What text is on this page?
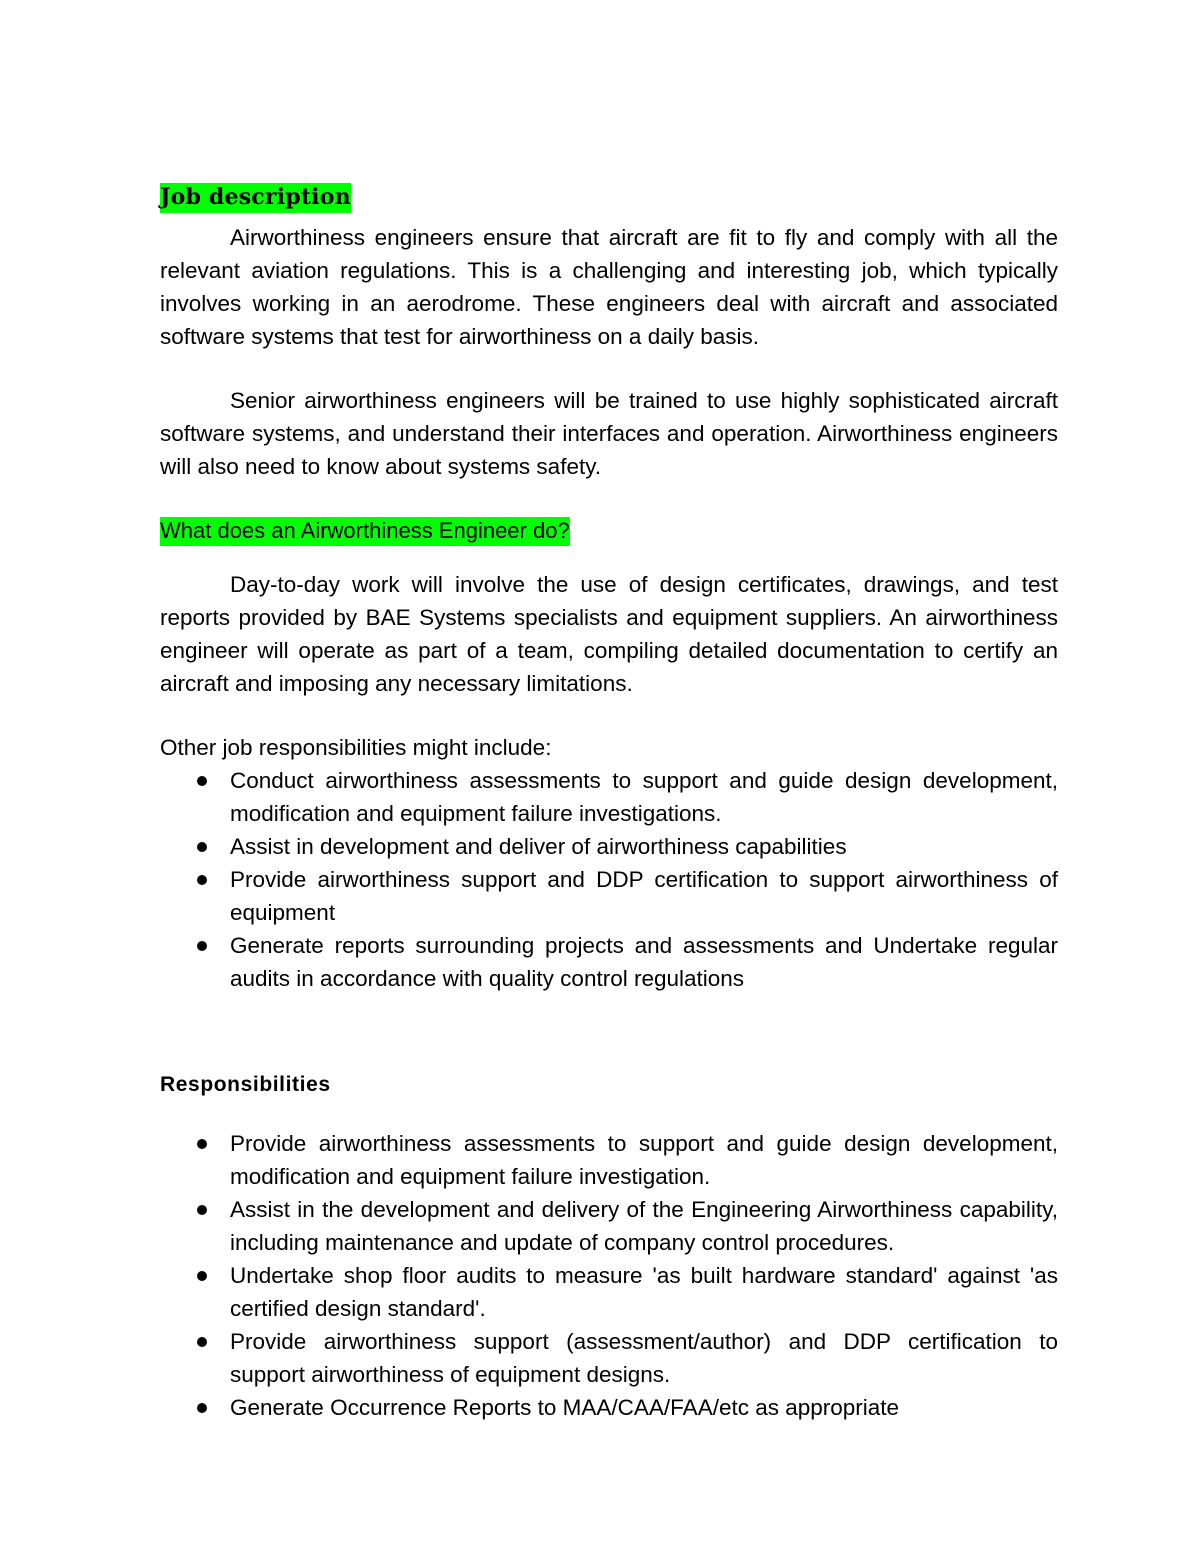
Job description

Airworthiness engineers ensure that aircraft are fit to fly and comply with all the relevant aviation regulations. This is a challenging and interesting job, which typically involves working in an aerodrome. These engineers deal with aircraft and associated software systems that test for airworthiness on a daily basis.

Senior airworthiness engineers will be trained to use highly sophisticated aircraft software systems, and understand their interfaces and operation. Airworthiness engineers will also need to know about systems safety.

What does an Airworthiness Engineer do?

Day-to-day work will involve the use of design certificates, drawings, and test reports provided by BAE Systems specialists and equipment suppliers. An airworthiness engineer will operate as part of a team, compiling detailed documentation to certify an aircraft and imposing any necessary limitations.

Other job responsibilities might include:

Conduct airworthiness assessments to support and guide design development, modification and equipment failure investigations.
Assist in development and deliver of airworthiness capabilities
Provide airworthiness support and DDP certification to support airworthiness of equipment
Generate reports surrounding projects and assessments and Undertake regular audits in accordance with quality control regulations
Responsibilities
Provide airworthiness assessments to support and guide design development, modification and equipment failure investigation.
Assist in the development and delivery of the Engineering Airworthiness capability, including maintenance and update of company control procedures.
Undertake shop floor audits to measure 'as built hardware standard' against 'as certified design standard'.
Provide airworthiness support (assessment/author) and DDP certification to support airworthiness of equipment designs.
Generate Occurrence Reports to MAA/CAA/FAA/etc as appropriate
